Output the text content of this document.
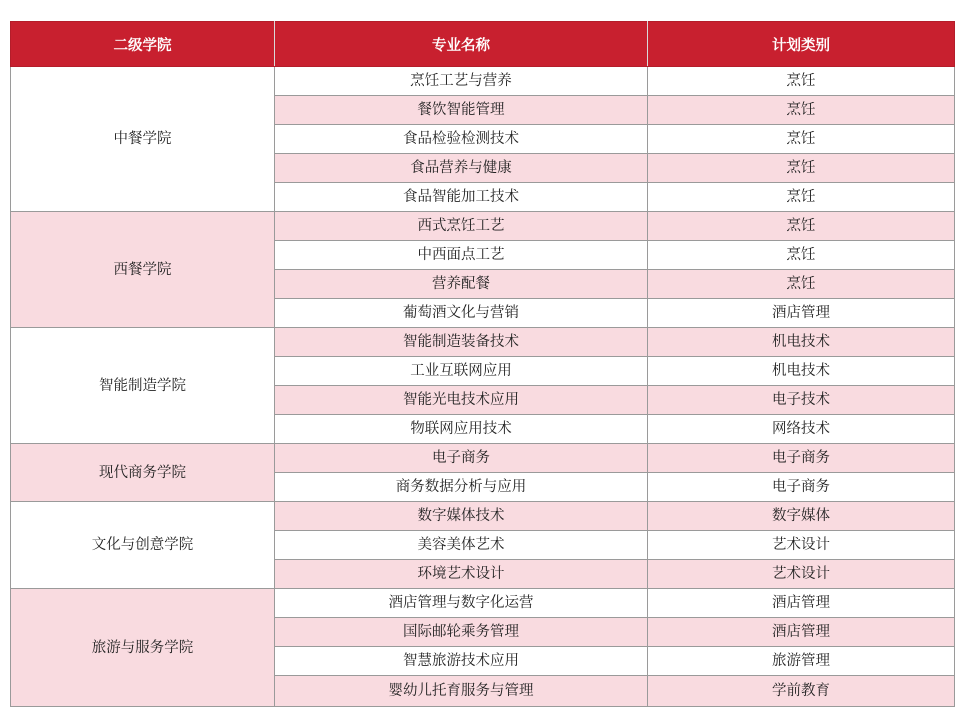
二级学院	专业名称	计划类别
中餐学院	烹饪工艺与营养	烹饪
	餐饮智能管理	烹饪
	食品检验检测技术	烹饪
	食品营养与健康	烹饪
	食品智能加工技术	烹饪
西餐学院	西式烹饪工艺	烹饪
	中西面点工艺	烹饪
	营养配餐	烹饪
	葡萄酒文化与营销	酒店管理
智能制造学院	智能制造装备技术	机电技术
	工业互联网应用	机电技术
	智能光电技术应用	电子技术
	物联网应用技术	网络技术
现代商务学院	电子商务	电子商务
	商务数据分析与应用	电子商务
文化与创意学院	数字媒体技术	数字媒体
	美容美体艺术	艺术设计
	环境艺术设计	艺术设计
旅游与服务学院	酒店管理与数字化运营	酒店管理
	国际邮轮乘务管理	酒店管理
	智慧旅游技术应用	旅游管理
	婴幼儿托育服务与管理	学前教育
